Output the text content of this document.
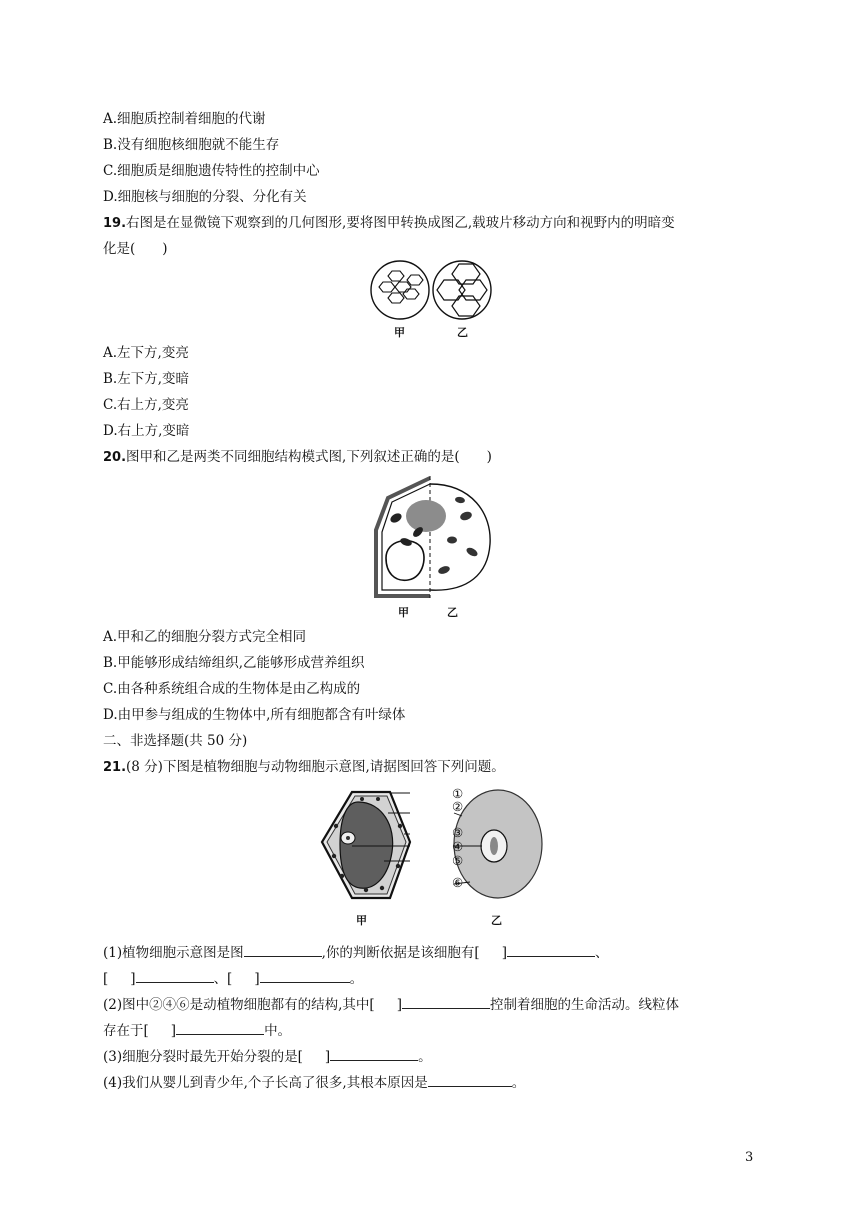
A.细胞质控制着细胞的代谢
B.没有细胞核细胞就不能生存
C.细胞质是细胞遗传特性的控制中心
D.细胞核与细胞的分裂、分化有关
19.右图是在显微镜下观察到的几何图形,要将图甲转换成图乙,载玻片移动方向和视野内的明暗变
化是(　　)
甲	乙
A.左下方,变亮
B.左下方,变暗
C.右上方,变亮
D.右上方,变暗
20.图甲和乙是两类不同细胞结构模式图,下列叙述正确的是(　　)
甲	乙
A.甲和乙的细胞分裂方式完全相同
B.甲能够形成结缔组织,乙能够形成营养组织
C.由各种系统组合成的生物体是由乙构成的
D.由甲参与组成的生物体中,所有细胞都含有叶绿体
二、非选择题(共 50 分)
21.(8 分)下图是植物细胞与动物细胞示意图,请据图回答下列问题。
①
②
③
④
⑤
⑥
甲	乙
(1)植物细胞示意图是图	,你的判断依据是该细胞有[ ]	、
[ ]	、[ ]	。
(2)图中②④⑥是动植物细胞都有的结构,其中[ ]	控制着细胞的生命活动。线粒体
存在于[ ]	中。
(3)细胞分裂时最先开始分裂的是[ ]	。
(4)我们从婴儿到青少年,个子长高了很多,其根本原因是	。
3
